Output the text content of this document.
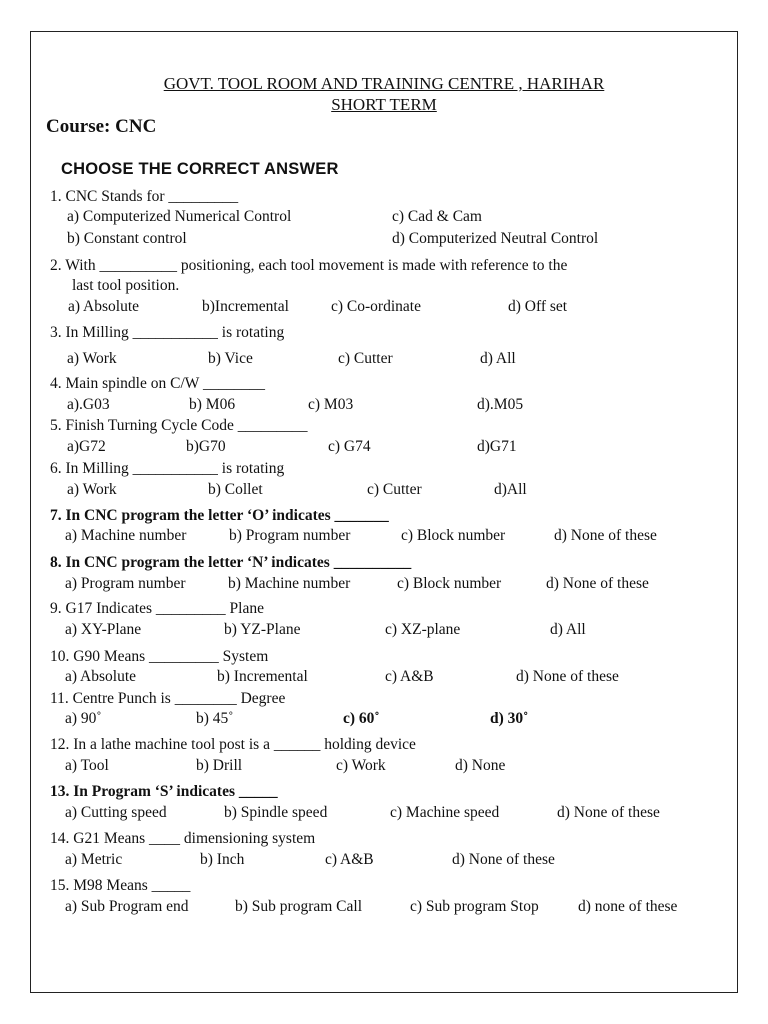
GOVT. TOOL ROOM AND TRAINING CENTRE , HARIHAR
SHORT TERM
Course: CNC
CHOOSE THE CORRECT ANSWER
1. CNC Stands for _________
a) Computerized Numerical Control	c) Cad & Cam
b) Constant control	d) Computerized Neutral Control
2. With __________ positioning, each tool movement is made with reference to the
last tool position.
a) Absolute	b)Incremental	c) Co-ordinate	d) Off set
3. In Milling ___________ is rotating
a) Work	b) Vice	c) Cutter	d) All
4. Main spindle on C/W ________
a).G03	b) M06	c) M03	d).M05
5. Finish Turning Cycle Code _________
a)G72	b)G70	c) G74	d)G71
6. In Milling ___________ is rotating
a) Work	b) Collet	c) Cutter	d)All
7. In CNC program the letter ‘O’ indicates _______
a) Machine number	b) Program number	c) Block number	d) None of these
8. In CNC program the letter ‘N’ indicates __________
a) Program number	b) Machine number	c) Block number	d) None of these
9. G17 Indicates _________ Plane
a) XY-Plane	b) YZ-Plane	c) XZ-plane	d) All
10. G90 Means _________ System
a) Absolute	b) Incremental	c) A&B	d) None of these
11. Centre Punch is ________ Degree
a) 90˚	b) 45˚	c) 60˚	d) 30˚
12. In a lathe machine tool post is a ______ holding device
a) Tool	b) Drill	c) Work	d) None
13. In Program ‘S’ indicates _____
a) Cutting speed	b) Spindle speed	c) Machine speed	d) None of these
14. G21 Means ____ dimensioning system
a) Metric	b) Inch	c) A&B	d) None of these
15. M98 Means _____
a) Sub Program end	b) Sub program Call	c) Sub program Stop	d) none of these
